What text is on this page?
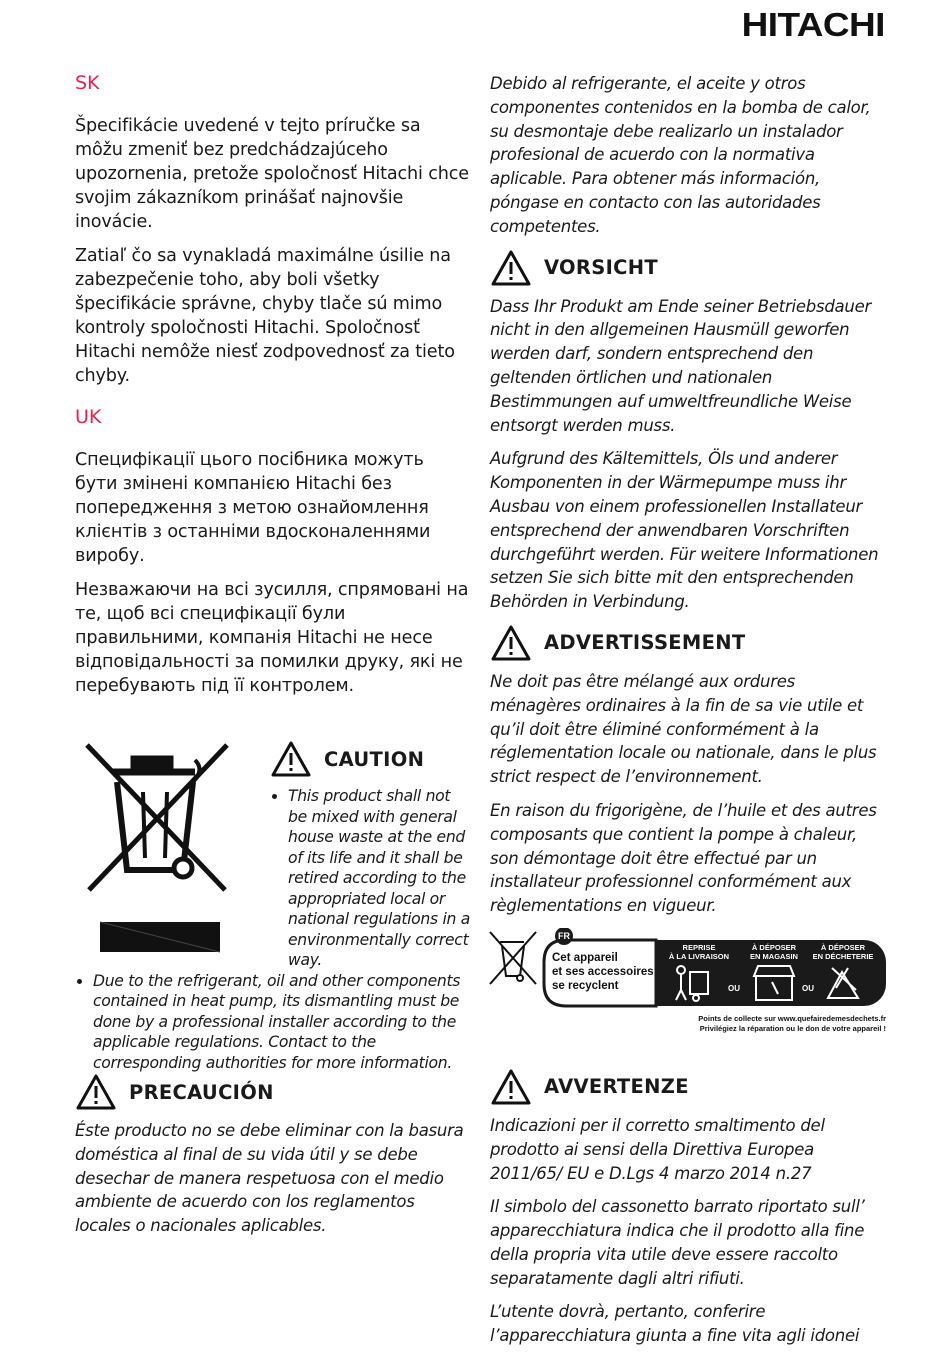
HITACHI
SK

Špecifikácie uvedené v tejto príručke sa môžu zmeniť bez predchádzajúceho upozornenia, pretože spoločnosť Hitachi chce svojim zákazníkom prinášať najnovšie inovácie.

Zatiaľ čo sa vynakladá maximálne úsilie na zabezpečenie toho, aby boli všetky špecifikácie správne, chyby tlače sú mimo kontroly spoločnosti Hitachi. Spoločnosť Hitachi nemôže niesť zodpovednosť za tieto chyby.

UK

Специфікації цього посібника можуть бути змінені компанією Hitachi без попередження з метою ознайомлення клієнтів з останніми вдосконаленнями виробу.

Незважаючи на всі зусилля, спрямовані на те, щоб всі специфікації були правильними, компанія Hitachi не несе відповідальності за помилки друку, які не перебувають під її контролем.

CAUTION
• This product shall not be mixed with general house waste at the end of its life and it shall be retired according to the appropriated local or national regulations in a environmentally correct way.
• Due to the refrigerant, oil and other components contained in heat pump, its dismantling must be done by a professional installer according to the applicable regulations. Contact to the corresponding authorities for more information.
PRECAUCIÓN

Éste producto no se debe eliminar con la basura doméstica al final de su vida útil y se debe desechar de manera respetuosa con el medio ambiente de acuerdo con los reglamentos locales o nacionales aplicables.

Debido al refrigerante, el aceite y otros componentes contenidos en la bomba de calor, su desmontaje debe realizarlo un instalador profesional de acuerdo con la normativa aplicable. Para obtener más información, póngase en contacto con las autoridades competentes.

VORSICHT

Dass Ihr Produkt am Ende seiner Betriebsdauer nicht in den allgemeinen Hausmüll geworfen werden darf, sondern entsprechend den geltenden örtlichen und nationalen Bestimmungen auf umweltfreundliche Weise entsorgt werden muss.

Aufgrund des Kältemittels, Öls und anderer Komponenten in der Wärmepumpe muss ihr Ausbau von einem professionellen Installateur entsprechend der anwendbaren Vorschriften durchgeführt werden. Für weitere Informationen setzen Sie sich bitte mit den entsprechenden Behörden in Verbindung.

ADVERTISSEMENT

Ne doit pas être mélangé aux ordures ménagères ordinaires à la fin de sa vie utile et qu’il doit être éliminé conformément à la réglementation locale ou nationale, dans le plus strict respect de l’environnement.

En raison du frigorigène, de l’huile et des autres composants que contient la pompe à chaleur, son démontage doit être effectué par un installateur professionnel conformément aux règlementations en vigueur.

FR
Cet appareil
et ses accessoires
se recyclent
REPRISE
À LA LIVRAISON
À DÉPOSER
EN MAGASIN
À DÉPOSER
EN DÉCHETERIE
OU	OU
Points de collecte sur www.quefairedemesdechets.fr
Privilégiez la réparation ou le don de votre appareil !
AVVERTENZE

Indicazioni per il corretto smaltimento del prodotto ai sensi della Direttiva Europea 2011/65/ EU e D.Lgs 4 marzo 2014 n.27

Il simbolo del cassonetto barrato riportato sull’ apparecchiatura indica che il prodotto alla fine della propria vita utile deve essere raccolto separatamente dagli altri rifiuti.

L’utente dovrà, pertanto, conferire l’apparecchiatura giunta a fine vita agli idonei
